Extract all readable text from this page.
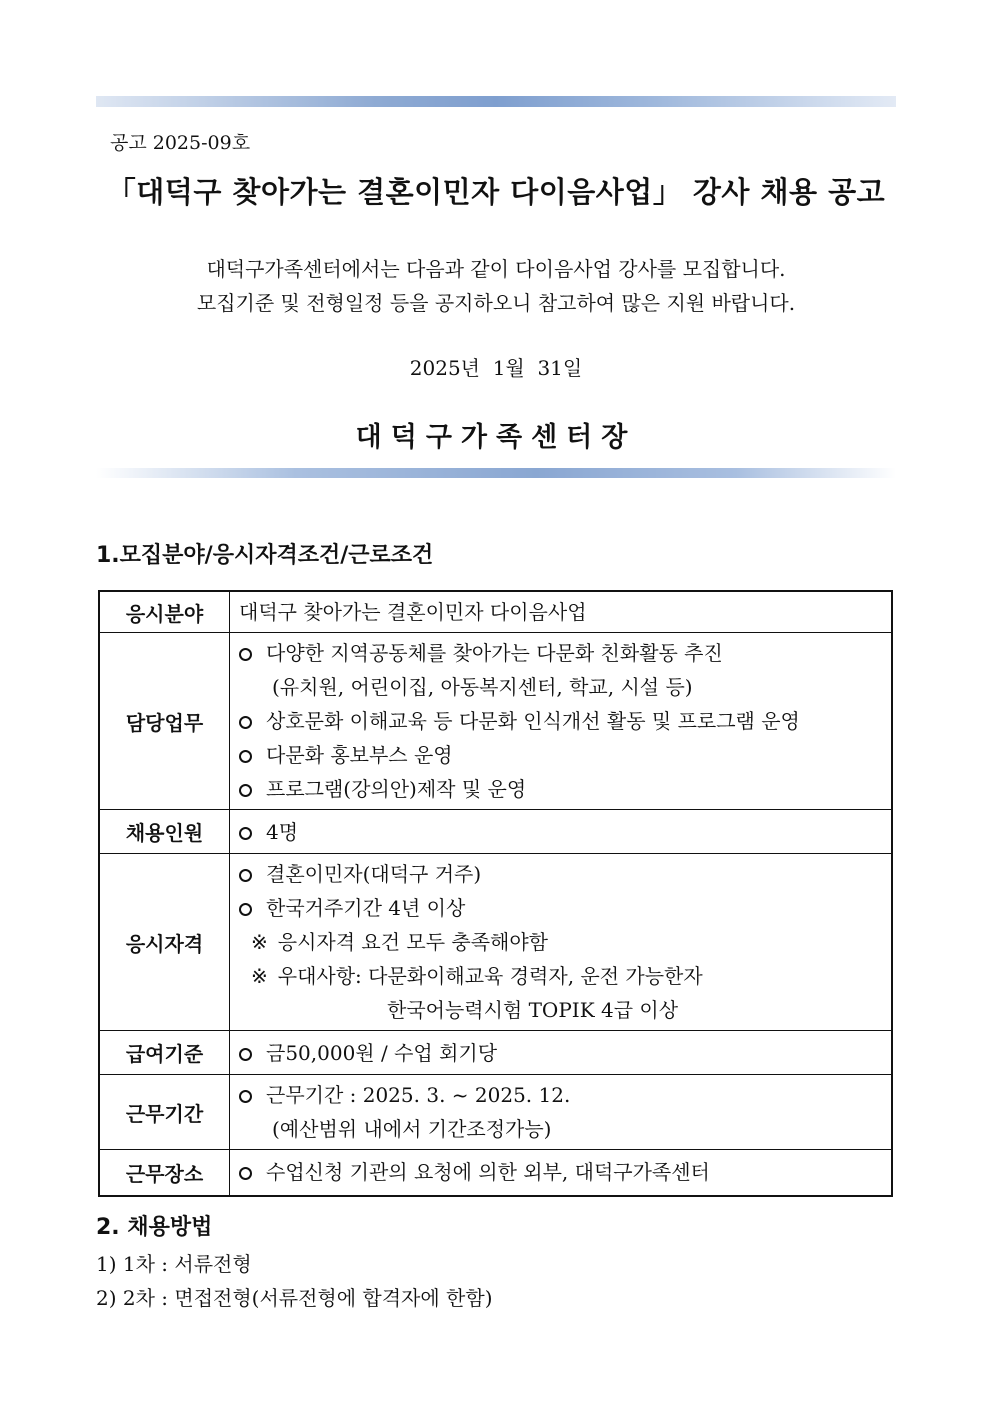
공고 2025-09호
「대덕구 찾아가는 결혼이민자 다이음사업」 강사 채용 공고
대덕구가족센터에서는 다음과 같이 다이음사업 강사를 모집합니다.
모집기준 및 전형일정 등을 공지하오니 참고하여 많은 지원 바랍니다.
2025년  1월  31일
대덕구가족센터장
1.모집분야/응시자격조건/근로조건
응시분야	대덕구 찾아가는 결혼이민자 다이음사업

담당업무	다양한 지역공동체를 찾아가는 다문화 친화활동 추진
(유치원, 어린이집, 아동복지센터, 학교, 시설 등)
상호문화 이해교육 등 다문화 인식개선 활동 및 프로그램 운영
다문화 홍보부스 운영
프로그램(강의안)제작 및 운영

채용인원	4명

응시자격	결혼이민자(대덕구 거주)
한국거주기간 4년 이상
※ 응시자격 요건 모두 충족해야함
※ 우대사항: 다문화이해교육 경력자, 운전 가능한자
한국어능력시험 TOPIK 4급 이상

급여기준	금50,000원 / 수업 회기당

근무기간	근무기간 : 2025. 3. ~ 2025. 12.
(예산범위 내에서 기간조정가능)

근무장소	수업신청 기관의 요청에 의한 외부, 대덕구가족센터
2. 채용방법
1) 1차 : 서류전형
2) 2차 : 면접전형(서류전형에 합격자에 한함)
